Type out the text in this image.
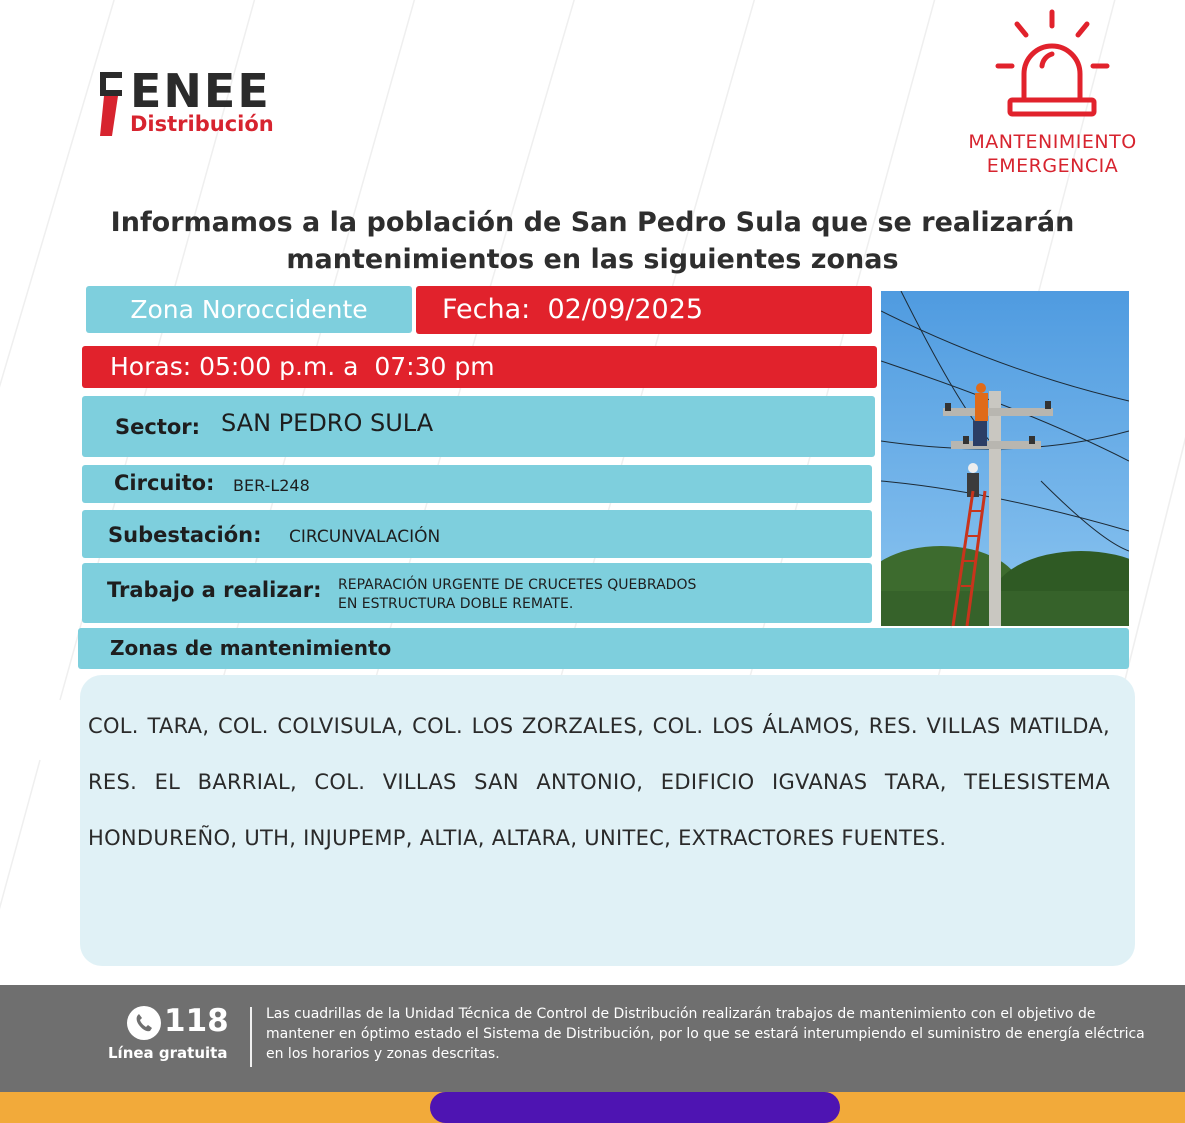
ENEE
Distribución
MANTENIMIENTO
EMERGENCIA
Informamos a la población de San Pedro Sula que se realizarán
mantenimientos en las siguientes zonas
Zona Noroccidente	Fecha: 02/09/2025
Horas: 05:00 p.m. a  07:30 pm
Sector: SAN PEDRO SULA
Circuito: BER-L248
Subestación: CIRCUNVALACIÓN
Trabajo a realizar: REPARACIÓN URGENTE DE CRUCETES QUEBRADOS
EN ESTRUCTURA DOBLE REMATE.
Zonas de mantenimiento
COL. TARA, COL. COLVISULA, COL. LOS ZORZALES, COL. LOS ÁLAMOS, RES. VILLAS MATILDA, RES. EL BARRIAL, COL. VILLAS SAN ANTONIO, EDIFICIO IGVANAS TARA, TELESISTEMA HONDUREÑO, UTH, INJUPEMP, ALTIA, ALTARA, UNITEC, EXTRACTORES FUENTES.
118
Línea gratuita
Las cuadrillas de la Unidad Técnica de Control de Distribución realizarán trabajos de mantenimiento con el objetivo de mantener en óptimo estado el Sistema de Distribución, por lo que se estará interumpiendo el suministro de energía eléctrica en los horarios y zonas descritas.
